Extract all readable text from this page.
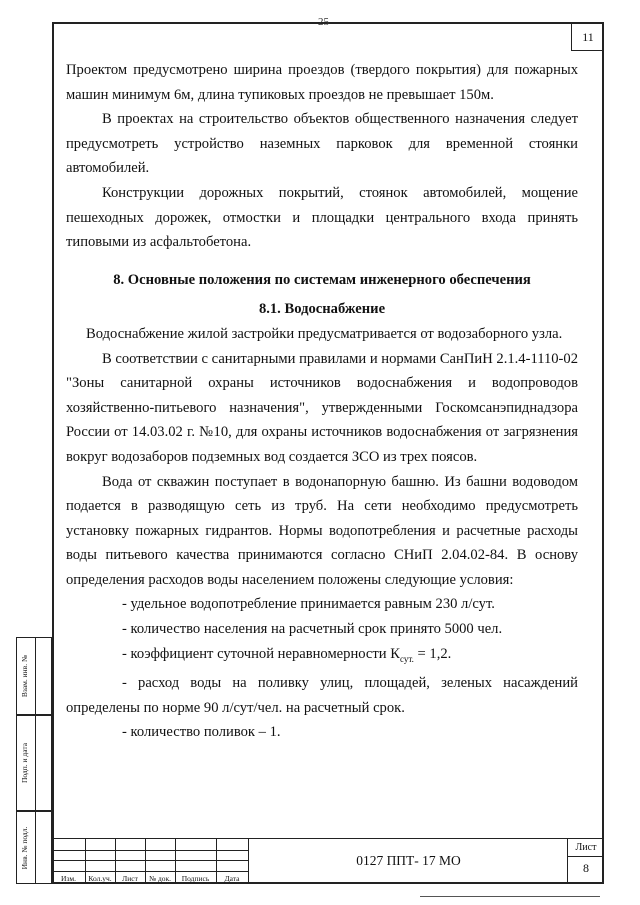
25
11

Проектом предусмотрено ширина проездов (твердого покрытия) для пожарных машин минимум 6м, длина тупиковых проездов не превышает 150м.

В проектах на строительство объектов общественного назначения следует предусмотреть устройство наземных парковок для временной стоянки автомобилей.

Конструкции дорожных покрытий, стоянок автомобилей, мощение пешеходных дорожек, отмостки и площадки центрального входа принять типовыми из асфальтобетона.

8. Основные положения по системам инженерного обеспечения

8.1. Водоснабжение

Водоснабжение жилой застройки предусматривается от водозаборного узла.

В соответствии с санитарными правилами и нормами СанПиН 2.1.4-1110-02 "Зоны санитарной охраны источников водоснабжения и водопроводов хозяйственно-питьевого назначения", утвержденными Госкомсанэпиднадзора России от 14.03.02 г. №10, для охраны источников водоснабжения от загрязнения вокруг водозаборов подземных вод создается ЗСО из трех поясов.

Вода от скважин поступает в водонапорную башню. Из башни водоводом подается в разводящую сеть из труб. На сети необходимо предусмотреть установку пожарных гидрантов. Нормы водопотребления и расчетные расходы воды питьевого качества принимаются согласно СНиП 2.04.02-84. В основу определения расходов воды населением положены следующие условия:

- удельное водопотребление принимается равным 230 л/сут.

- количество населения на расчетный срок принято 5000 чел.

- коэффициент суточной неравномерности $К_{сут.} = 1,2$.

- расход воды на поливку улиц, площадей, зеленых насаждений определены по норме 90 л/сут/чел. на расчетный срок.

- количество поливок – 1.

Взам. инв. №
Подп. и дата
Инв. № подл.
Изм.	Кол.уч.	Лист	№ док.	Подпись	Дата
0127 ППТ- 17 МО
Лист
8
